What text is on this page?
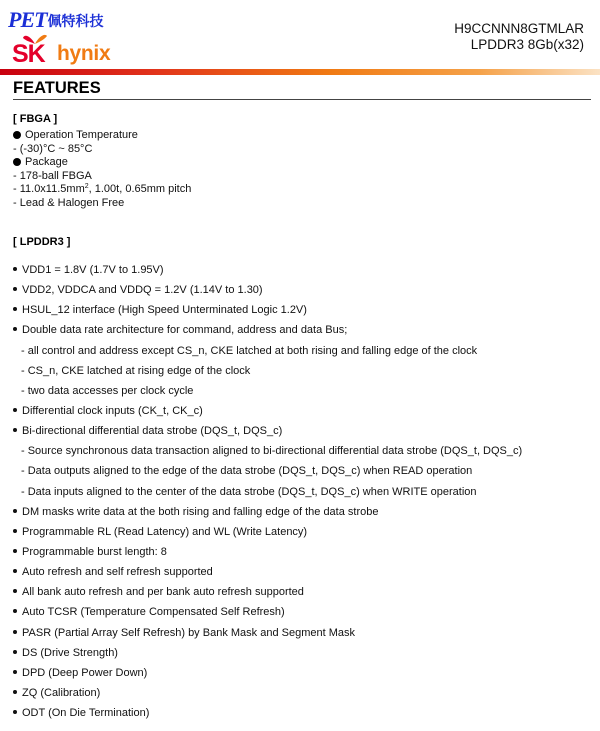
PET 佩特科技
SK hynix
H9CCNNN8GTMLAR
LPDDR3 8Gb(x32)
FEATURES
[ FBGA ]
Operation Temperature
- (-30)°C ~ 85°C
Package
- 178-ball FBGA
- $11.0x11.5mm^2$, 1.00t, 0.65mm pitch
- Lead & Halogen Free
[ LPDDR3 ]
VDD1 = 1.8V (1.7V to 1.95V)
VDD2, VDDCA and VDDQ = 1.2V (1.14V to 1.30)
HSUL_12 interface (High Speed Unterminated Logic 1.2V)
Double data rate architecture for command, address and data Bus;
- all control and address except CS_n, CKE latched at both rising and falling edge of the clock
- CS_n, CKE latched at rising edge of the clock
- two data accesses per clock cycle
Differential clock inputs (CK_t, CK_c)
Bi-directional differential data strobe (DQS_t, DQS_c)
- Source synchronous data transaction aligned to bi-directional differential data strobe (DQS_t, DQS_c)
- Data outputs aligned to the edge of the data strobe (DQS_t, DQS_c) when READ operation
- Data inputs aligned to the center of the data strobe (DQS_t, DQS_c) when WRITE operation
DM masks write data at the both rising and falling edge of the data strobe
Programmable RL (Read Latency) and WL (Write Latency)
Programmable burst length: 8
Auto refresh and self refresh supported
All bank auto refresh and per bank auto refresh supported
Auto TCSR (Temperature Compensated Self Refresh)
PASR (Partial Array Self Refresh) by Bank Mask and Segment Mask
DS (Drive Strength)
DPD (Deep Power Down)
ZQ (Calibration)
ODT (On Die Termination)
